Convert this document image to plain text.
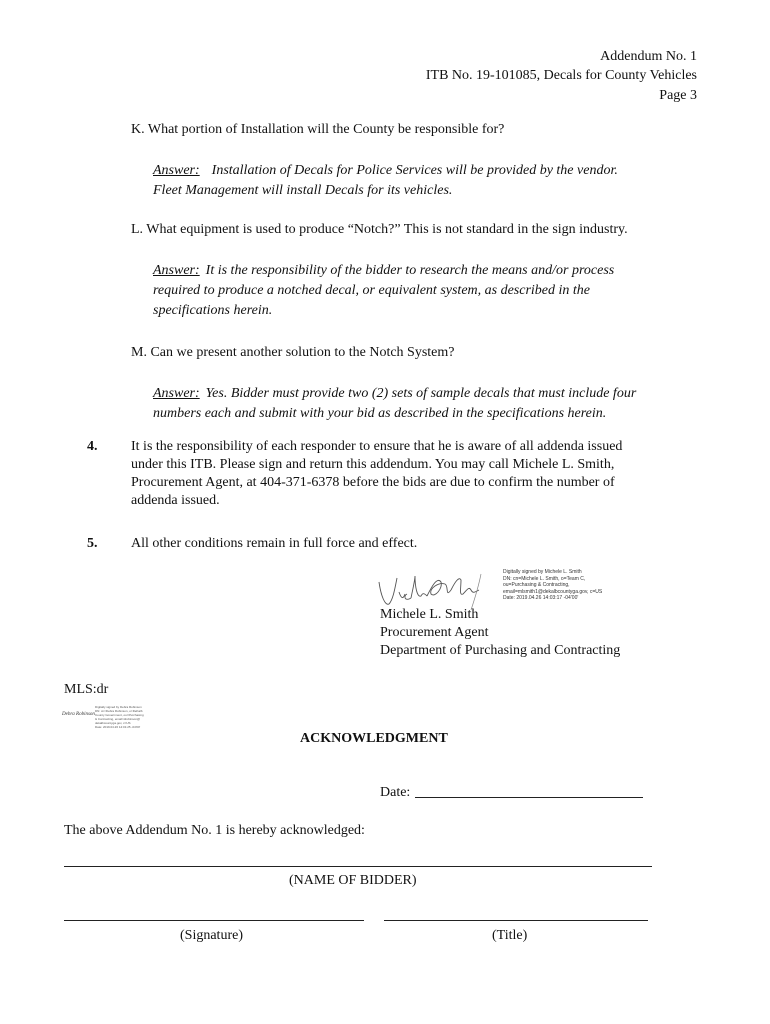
Addendum No. 1
ITB No. 19-101085, Decals for County Vehicles
Page 3
K. What portion of Installation will the County be responsible for?
Answer: Installation of Decals for Police Services will be provided by the vendor.
Fleet Management will install Decals for its vehicles.
L. What equipment is used to produce “Notch?” This is not standard in the sign industry.
Answer: It is the responsibility of the bidder to research the means and/or process
required to produce a notched decal, or equivalent system, as described in the
specifications herein.
M. Can we present another solution to the Notch System?
Answer: Yes. Bidder must provide two (2) sets of sample decals that must include four
numbers each and submit with your bid as described in the specifications herein.
4. It is the responsibility of each responder to ensure that he is aware of all addenda issued
under this ITB. Please sign and return this addendum. You may call Michele L. Smith,
Procurement Agent, at 404-371-6378 before the bids are due to confirm the number of
addenda issued.
5. All other conditions remain in full force and effect.
Digitally signed by Michele L. Smith
DN: cn=Michele L. Smith, o=Team C,
ou=Purchasing & Contracting,
email=mlsmith1@dekalbcountyga.gov, c=US
Date: 2019.04.26 14:03:17 -04'00'
Michele L. Smith
Procurement Agent
Department of Purchasing and Contracting
MLS:dr
Debra Robinson
Digitally signed by Debra Robinson
DN: cn=Debra Robinson, o=DeKalb
County Government, ou=Purchasing
& Contracting, email=drobinson@
dekalbcountyga.gov, c=US
Date: 2019.04.26 14:01:25 -04'00'
ACKNOWLEDGMENT
Date:
The above Addendum No. 1 is hereby acknowledged:
(NAME OF BIDDER)
(Signature)	(Title)
